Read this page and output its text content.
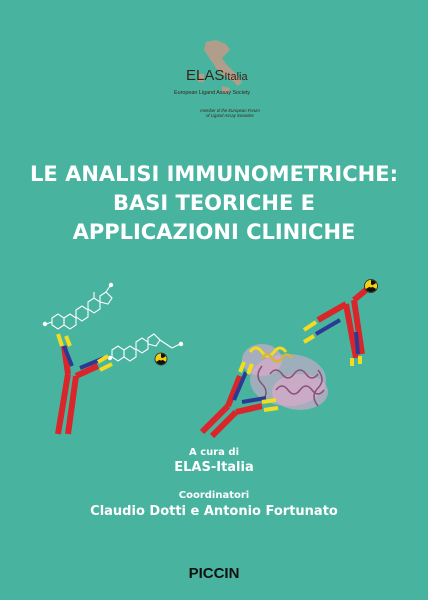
ELASItalia
European Ligand Assay Society
member of the European Forum
of Ligand Assay Societies
LE ANALISI IMMUNOMETRICHE:
BASI TEORICHE E
APPLICAZIONI CLINICHE
A cura di
ELAS-Italia
Coordinatori
Claudio Dotti e Antonio Fortunato
PICCIN
